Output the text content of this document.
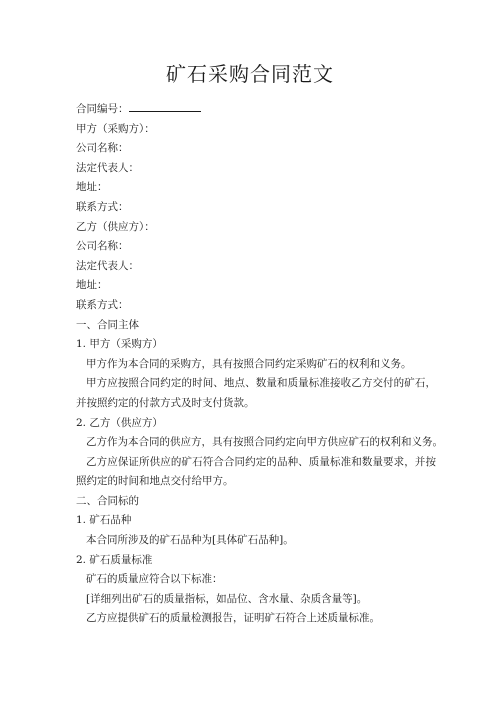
矿石采购合同范文
合同编号：
甲方（采购方）：
公司名称：
法定代表人：
地址：
联系方式：
乙方（供应方）：
公司名称：
法定代表人：
地址：
联系方式：
一、合同主体
1. 甲方（采购方）
甲方作为本合同的采购方，具有按照合同约定采购矿石的权利和义务。
甲方应按照合同约定的时间、地点、数量和质量标准接收乙方交付的矿石，并按照约定的付款方式及时支付货款。
2. 乙方（供应方）
乙方作为本合同的供应方，具有按照合同约定向甲方供应矿石的权利和义务。
乙方应保证所供应的矿石符合合同约定的品种、质量标准和数量要求，并按照约定的时间和地点交付给甲方。
二、合同标的
1. 矿石品种
本合同所涉及的矿石品种为[具体矿石品种]。
2. 矿石质量标准
矿石的质量应符合以下标准：
[详细列出矿石的质量指标，如品位、含水量、杂质含量等]。
乙方应提供矿石的质量检测报告，证明矿石符合上述质量标准。
